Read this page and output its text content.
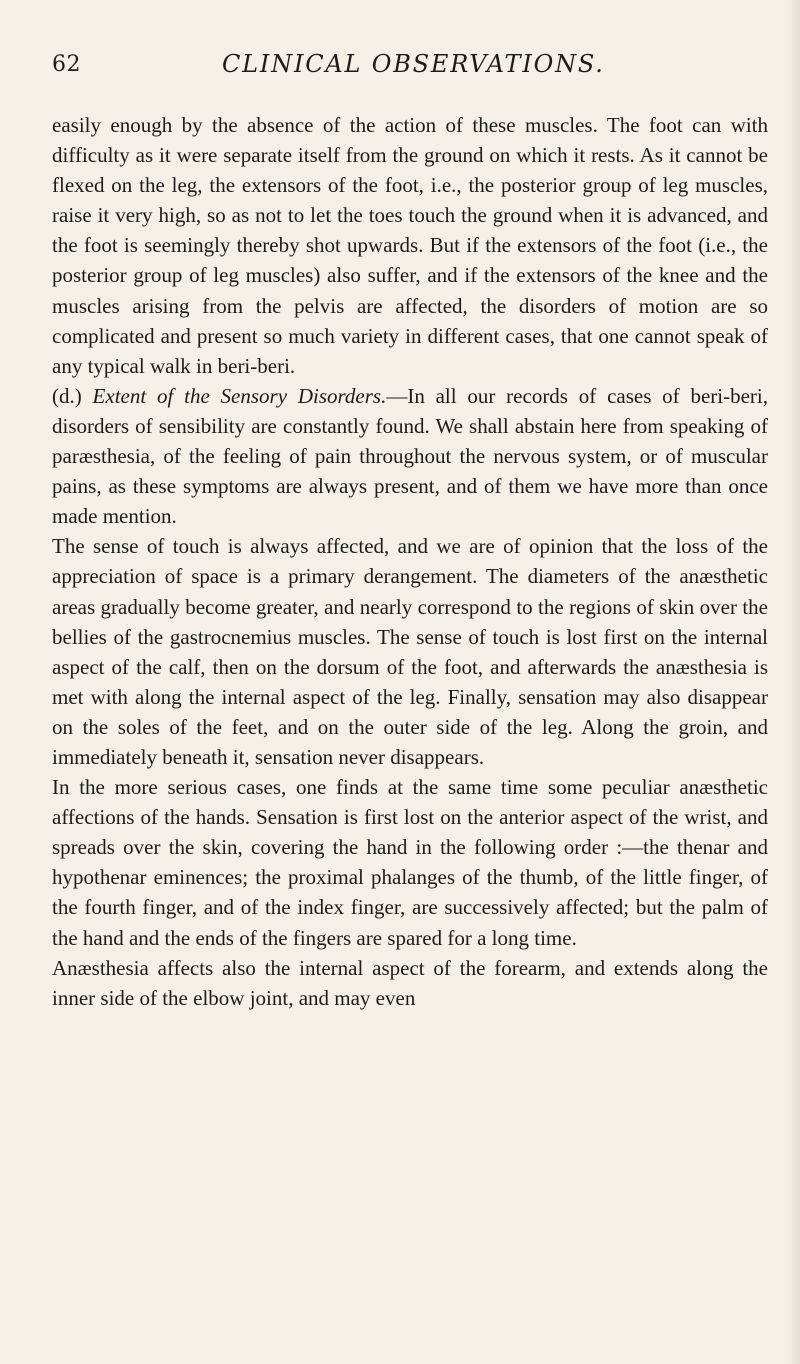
62	CLINICAL OBSERVATIONS.

easily enough by the absence of the action of these muscles. The foot can with difficulty as it were separate itself from the ground on which it rests. As it cannot be flexed on the leg, the extensors of the foot, i.e., the posterior group of leg muscles, raise it very high, so as not to let the toes touch the ground when it is advanced, and the foot is seemingly thereby shot upwards. But if the extensors of the foot (i.e., the posterior group of leg muscles) also suffer, and if the extensors of the knee and the muscles arising from the pelvis are affected, the disorders of motion are so complicated and present so much variety in different cases, that one cannot speak of any typical walk in beri-beri.

(d.) Extent of the Sensory Disorders.—In all our records of cases of beri-beri, disorders of sensibility are constantly found. We shall abstain here from speaking of paræsthesia, of the feeling of pain throughout the nervous system, or of muscular pains, as these symptoms are always present, and of them we have more than once made mention.

The sense of touch is always affected, and we are of opinion that the loss of the appreciation of space is a primary derangement. The diameters of the anæsthetic areas gradually become greater, and nearly correspond to the regions of skin over the bellies of the gastrocnemius muscles. The sense of touch is lost first on the internal aspect of the calf, then on the dorsum of the foot, and afterwards the anæsthesia is met with along the internal aspect of the leg. Finally, sensation may also disappear on the soles of the feet, and on the outer side of the leg. Along the groin, and immediately beneath it, sensation never disappears.

In the more serious cases, one finds at the same time some peculiar anæsthetic affections of the hands. Sensation is first lost on the anterior aspect of the wrist, and spreads over the skin, covering the hand in the following order :—the thenar and hypothenar eminences; the proximal phalanges of the thumb, of the little finger, of the fourth finger, and of the index finger, are successively affected; but the palm of the hand and the ends of the fingers are spared for a long time.

Anæsthesia affects also the internal aspect of the forearm, and extends along the inner side of the elbow joint, and may even
